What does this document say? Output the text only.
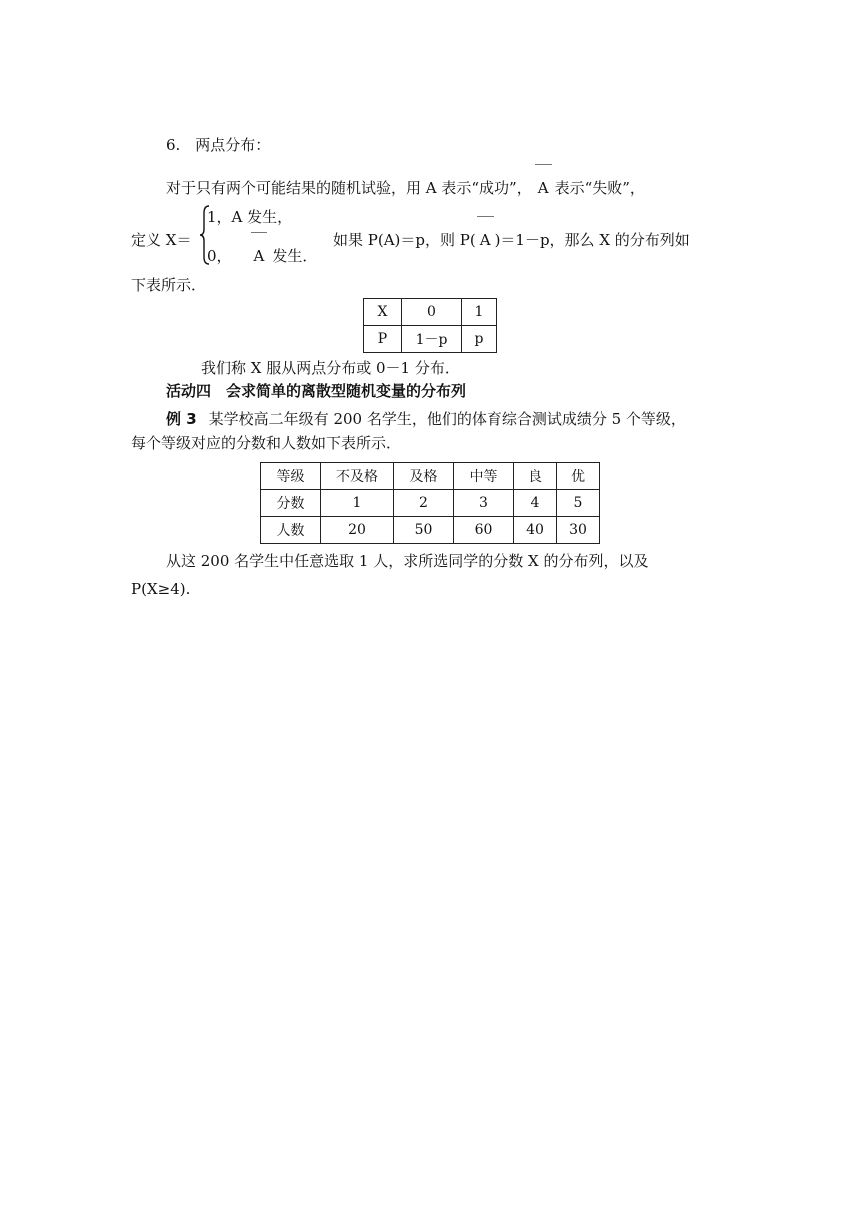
6.　两点分布：
对于只有两个可能结果的随机试验，用 A 表示“成功”， A 表示“失败”，
定义 X＝
1，A 发生，
0， A 发生．
如果 P(A)＝p，则 P( A )＝1－p，那么 X 的分布列如
下表所示．
X	0	1
P	1－p	p
我们称 X 服从两点分布或 0－1 分布．
活动四　会求简单的离散型随机变量的分布列
例 3 某学校高二年级有 200 名学生，他们的体育综合测试成绩分 5 个等级，
每个等级对应的分数和人数如下表所示．
等级	不及格	及格	中等	良	优
分数	1	2	3	4	5
人数	20	50	60	40	30
从这 200 名学生中任意选取 1 人，求所选同学的分数 X 的分布列，以及
P(X≥4).
